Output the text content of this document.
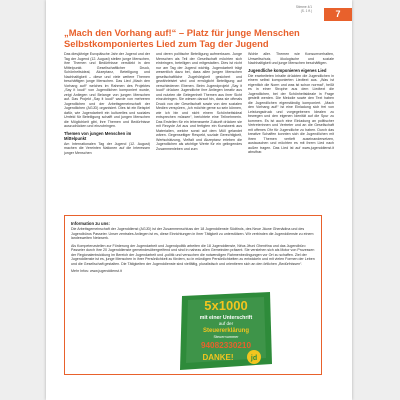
Stimme 4/1
(S. 1 ff.)	7
„Mach den Vorhang auf!“ – Platz für junge Menschen Selbstkomponiertes Lied zum Tag der Jugend

Das diesjährige Europäische Jahr der Jugend und der Tag der Jugend (12. August) stellen junge Menschen, ihre Themen und Bedürfnisse verstärkt in den Mittelpunkt. Gesellschaftlicher Druck, Schönheitsideal, Akzeptanz, Beteiligung und Nachhaltigkeit – diese und viele weitere Themen beschäftigen junge Menschen. Das Lied „Mach den Vorhang auf!“ welches im Rahmen des Projektes „Say it loud!“ von Jugendlichen komponiert wurde, zeigt Anliegen und Belange von jungen Menschen auf. Das Projekt „Say it loud!“ wurde von mehreren Jugendlichen und der Arbeitsgemeinschaft der Jugendlichen (AGJD) organisiert. Dies ist ein Beispiel dafür, wie Jugendarbeit ein kulturelles und soziales Umfeld für Beteiligung schafft und jungen Menschen die Möglichkeit gibt, ihre Themen und Bedürfnisse auszudrücken und einzubringen.

Themen von jungen Menschen im Mittelpunkt

Am Internationalen Tag der Jugend (12. August) machen die Vereinten Nationen auf die Interessen junger Menschen

und deren politische Beteiligung aufmerksam. Junge Menschen als Teil der Gesellschaft möchten sich einbringen, beteiligen und mitgestalten. Dies ist nicht nur am Tag der Jugend wichtig. Jugendarbeit trägt wesentlich dazu bei, dass allen jungen Menschen gesellschaftliche Zugehörigkeit gesichert und gewährleistet wird und ermöglicht Beteiligung auf verschiedenen Ebenen. Beim Jugendprojekt „Say it loud!“ drücken Jugendliche ihre Anliegen kreativ aus und nutzten die Gelegenheit Themen aus ihrer Sicht einzubringen. Sie wiesen darauf hin, dass sie oftmals Druck von der Gesellschaft sowie von den sozialen Medien verspüren, „Ich möchte gerne so sein können, wie ich bin und nicht einem Schönheitsideal entsprechen müssen“, berichtete eine Teilnehmerin. Das Erstellen für ein lebenswerte Zukunft drücken sie mit Recycle Art aus und fertigten ein Kunstwerk aus Materialien, welche sonst auf dem Müll gelandet wären. Gegenseitiger Respekt, soziale Gerechtigkeit, Wertschätzung, Vielfalt und Akzeptanz erleben die Jugendlichen als wichtige Werte für ein gelingendes Zusammenleben und zum

Wohle aller. Themen wie Konsumverhalten, Umweltschutz, ökologische und soziale Nachhaltigkeit und junge Menschen beschäftigen.

Jugendliche komponieren eigenes Lied

Die erarbeiteten Inhalte drückten die Jugendlichen in einem selbst komponierten Liedtext aus. „Was ist eigentlich die Norm und was ist schon normal“, heißt es in einer Strophe aus dem Liedtext die Jugendlichen, bei der Schönheitsideale in Frage gestellt werden. Die Melodie sowie den Text haben die Jugendlichen eigenständig komponiert. „Mach den Vorhang auf!“ ist eine Einladung sich frei von Leistungsdruck und vorgegebenen Idealen zu bewegen und den eigenen Idenität auf die Spur zu kommen. Es ist auch eine Einladung an politischer Vertreterinnen und Vertreter und an die Gesellschaft mit offenes Ohr für Jugendliche zu haben. Durch das kreative Schaffen konnten sich die Jugendlichen mit ihren Themen vertieft auseinandersetzen, austauschen und möchten es mit ihrem Lied nach außen tragen. Das Lied ist auf www.jugenddienst.it abrufbar.

Information zu uns:

Die Arbeitsgemeinschaft der Jugenddienst (AGJD) ist der Zusammenschluss der 18 Jugenddienste Südtirols, des Neue Jäune Ghenädina und des Jugendbüros Passeier. Unser zentrales Anliegen ist es, diese Einrichtungen in ihrer Tätigkeit zu unterstützen. Wir verbinden die Jugenddienste zu einem landesweiten Netzwerk.

Als Kompetenzstellen zur Förderung der Jugendarbeit und Jugendpolitik arbeiten die 18 Jugenddienste, Nëus Jëuni Ghenëina und das Jugendbüro Passeier durch ihre 20 Jugenddienste gemeindesübergreifend und sind in nahezu allen Gemeinden präsent. Sie verstehen sich als Motor von Prozessen der Regionalentwicklung im Bereich der Jugendarbeit und -politik und versuchen die notwendigen Rahmenbedingungen vor Ort zu schaffen. Ziel der Jugenddienste ist es, junge Menschen in ihrer Persönlichkeit zu fördern, so in mündigen Persönlichkeiten zu entwickeln und mit vielen Formen der Leben und die Gesellschaft gestalten. Die Tätigkeiten der Jugenddienste sind vielfältig, pluralistisch und orientieren sich an den örtlichen „Bedürfnissen“.

Mehr Infos: www.jugenddienst.it

5x1000
mit einer Unterschrift
auf der
Steuererklärung
Steuernummer
94082330210
DANKE! jd
